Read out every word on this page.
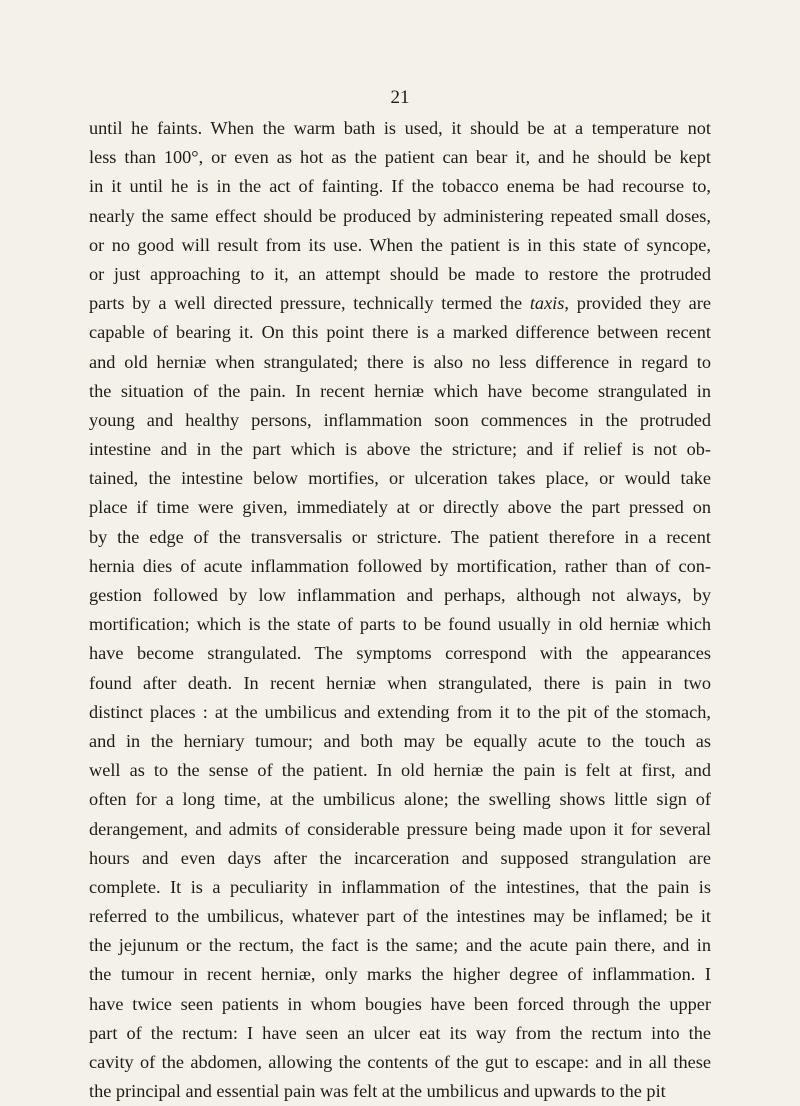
21
until he faints. When the warm bath is used, it should be at a temperature not
less than 100°, or even as hot as the patient can bear it, and he should be kept
in it until he is in the act of fainting. If the tobacco enema be had recourse to,
nearly the same effect should be produced by administering repeated small doses,
or no good will result from its use. When the patient is in this state of syncope,
or just approaching to it, an attempt should be made to restore the protruded
parts by a well directed pressure, technically termed the taxis, provided they are
capable of bearing it. On this point there is a marked difference between recent
and old herniæ when strangulated; there is also no less difference in regard to
the situation of the pain. In recent herniæ which have become strangulated in
young and healthy persons, inflammation soon commences in the protruded
intestine and in the part which is above the stricture; and if relief is not ob-
tained, the intestine below mortifies, or ulceration takes place, or would take
place if time were given, immediately at or directly above the part pressed on
by the edge of the transversalis or stricture. The patient therefore in a recent
hernia dies of acute inflammation followed by mortification, rather than of con-
gestion followed by low inflammation and perhaps, although not always, by
mortification; which is the state of parts to be found usually in old herniæ which
have become strangulated. The symptoms correspond with the appearances
found after death. In recent herniæ when strangulated, there is pain in two
distinct places : at the umbilicus and extending from it to the pit of the stomach,
and in the herniary tumour; and both may be equally acute to the touch as
well as to the sense of the patient. In old herniæ the pain is felt at first, and
often for a long time, at the umbilicus alone; the swelling shows little sign of
derangement, and admits of considerable pressure being made upon it for several
hours and even days after the incarceration and supposed strangulation are
complete. It is a peculiarity in inflammation of the intestines, that the pain is
referred to the umbilicus, whatever part of the intestines may be inflamed; be it
the jejunum or the rectum, the fact is the same; and the acute pain there, and in
the tumour in recent herniæ, only marks the higher degree of inflammation. I
have twice seen patients in whom bougies have been forced through the upper
part of the rectum: I have seen an ulcer eat its way from the rectum into the
cavity of the abdomen, allowing the contents of the gut to escape: and in all these
the principal and essential pain was felt at the umbilicus and upwards to the pit
